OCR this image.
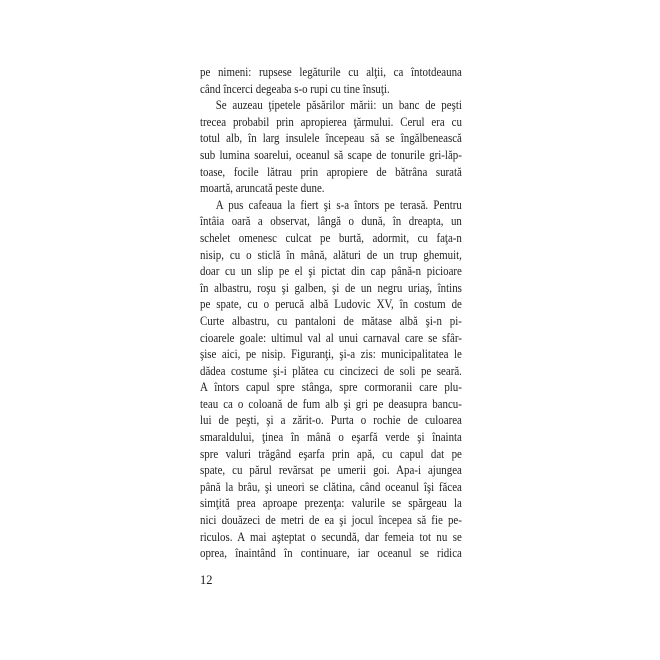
pe nimeni: rupsese legăturile cu alţii, ca întotdeauna
când încerci degeaba s-o rupi cu tine însuţi.
Se auzeau ţipetele păsărilor mării: un banc de peşti
trecea probabil prin apropierea ţărmului. Cerul era cu
totul alb, în larg insulele începeau să se îngălbenească
sub lumina soarelui, oceanul să scape de tonurile gri-lăp-
toase, focile lătrau prin apropiere de bătrâna surată
moartă, aruncată peste dune.
A pus cafeaua la fiert şi s-a întors pe terasă. Pentru
întâia oară a observat, lângă o dună, în dreapta, un
schelet omenesc culcat pe burtă, adormit, cu faţa-n
nisip, cu o sticlă în mână, alături de un trup ghemuit,
doar cu un slip pe el şi pictat din cap până-n picioare
în albastru, roşu şi galben, şi de un negru uriaş, întins
pe spate, cu o perucă albă Ludovic XV, în costum de
Curte albastru, cu pantaloni de mătase albă şi-n pi-
cioarele goale: ultimul val al unui carnaval care se sfâr-
şise aici, pe nisip. Figuranţi, şi-a zis: municipalitatea le
dădea costume şi-i plătea cu cincizeci de soli pe seară.
A întors capul spre stânga, spre cormoranii care plu-
teau ca o coloană de fum alb şi gri pe deasupra bancu-
lui de peşti, şi a zărit-o. Purta o rochie de culoarea
smaraldului, ţinea în mână o eşarfă verde şi înainta
spre valuri trăgând eşarfa prin apă, cu capul dat pe
spate, cu părul revărsat pe umerii goi. Apa-i ajungea
până la brâu, şi uneori se clătina, când oceanul îşi făcea
simţită prea aproape prezenţa: valurile se spărgeau la
nici douăzeci de metri de ea şi jocul începea să fie pe-
riculos. A mai aşteptat o secundă, dar femeia tot nu se
oprea, înaintând în continuare, iar oceanul se ridica
12
